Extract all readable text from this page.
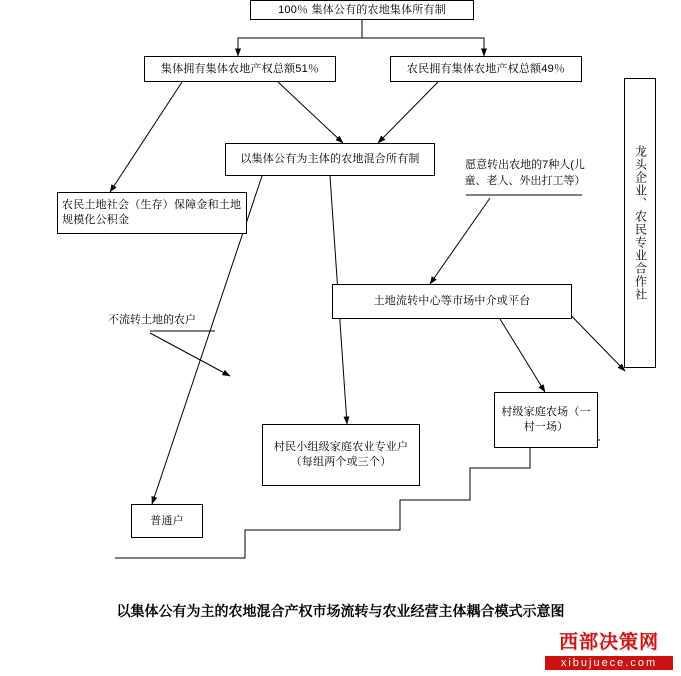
100％ 集体公有的农地集体所有制
集体拥有集体农地产权总额51％	农民拥有集体农地产权总额49％
以集体公有为主体的农地混合所有制
农民土地社会（生存）保障金和土地规模化公积金
愿意转出农地的7种人(儿童、老人、外出打工等）
土地流转中心等市场中介或平台
村级家庭农场（一村一场）
村民小组级家庭农业专业户（每组两个或三个）
不流转土地的农户
普通户
龙头企业、农民专业合作社
以集体公有为主的农地混合产权市场流转与农业经营主体耦合模式示意图
西部决策网
xibujuece.com
